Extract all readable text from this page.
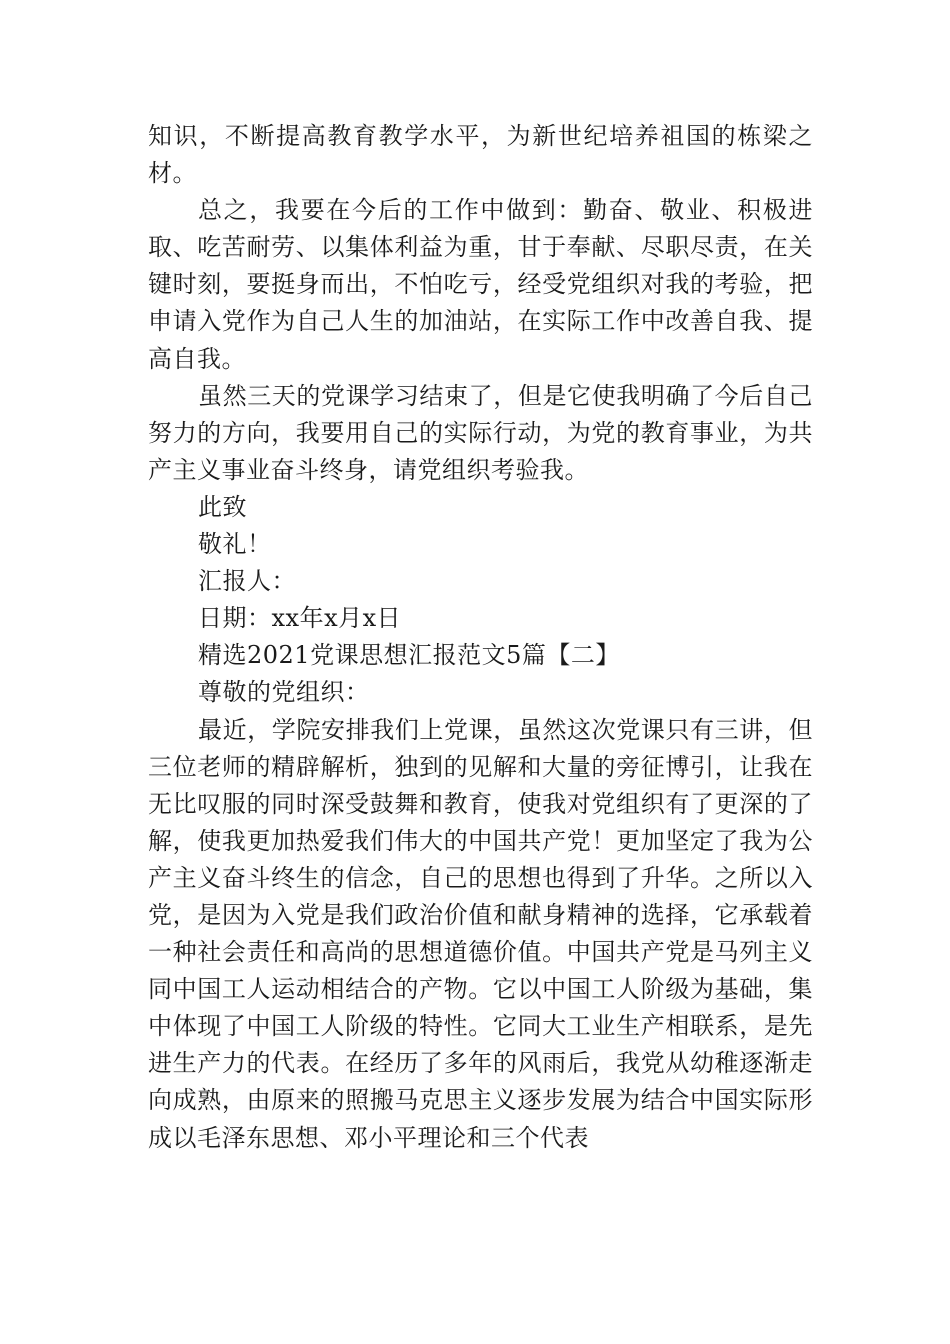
知识，不断提高教育教学水平，为新世纪培养祖国的栋梁之材。

总之，我要在今后的工作中做到：勤奋、敬业、积极进取、吃苦耐劳、以集体利益为重，甘于奉献、尽职尽责，在关键时刻，要挺身而出，不怕吃亏，经受党组织对我的考验，把申请入党作为自己人生的加油站，在实际工作中改善自我、提高自我。

虽然三天的党课学习结束了，但是它使我明确了今后自己努力的方向，我要用自己的实际行动，为党的教育事业，为共产主义事业奋斗终身，请党组织考验我。

此致

敬礼！

汇报人：

日期：xx年x月x日

精选2021党课思想汇报范文5篇【二】

尊敬的党组织：

最近，学院安排我们上党课，虽然这次党课只有三讲，但三位老师的精辟解析，独到的见解和大量的旁征博引，让我在无比叹服的同时深受鼓舞和教育，使我对党组织有了更深的了解，使我更加热爱我们伟大的中国共产党！更加坚定了我为公产主义奋斗终生的信念，自己的思想也得到了升华。之所以入党，是因为入党是我们政治价值和献身精神的选择，它承载着一种社会责任和高尚的思想道德价值。中国共产党是马列主义同中国工人运动相结合的产物。它以中国工人阶级为基础，集中体现了中国工人阶级的特性。它同大工业生产相联系，是先进生产力的代表。在经历了多年的风雨后，我党从幼稚逐渐走向成熟，由原来的照搬马克思主义逐步发展为结合中国实际形成以毛泽东思想、邓小平理论和三个代表
